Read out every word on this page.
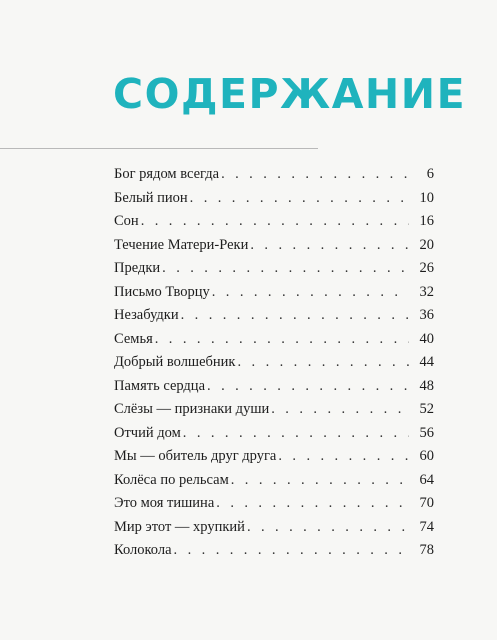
СОДЕРЖАНИЕ
Бог рядом всегда . . .	6
Белый пион . . .	10
Сон . . .	16
Течение Матери-Реки . . .	20
Предки . . .	26
Письмо Творцу . . .	32
Незабудки . . .	36
Семья . . .	40
Добрый волшебник . . .	44
Память сердца . . .	48
Слёзы — признаки души . . .	52
Отчий дом . . .	56
Мы — обитель друг друга . . .	60
Колёса по рельсам . . .	64
Это моя тишина . . .	70
Мир этот — хрупкий . . .	74
Колокола . . .	78
